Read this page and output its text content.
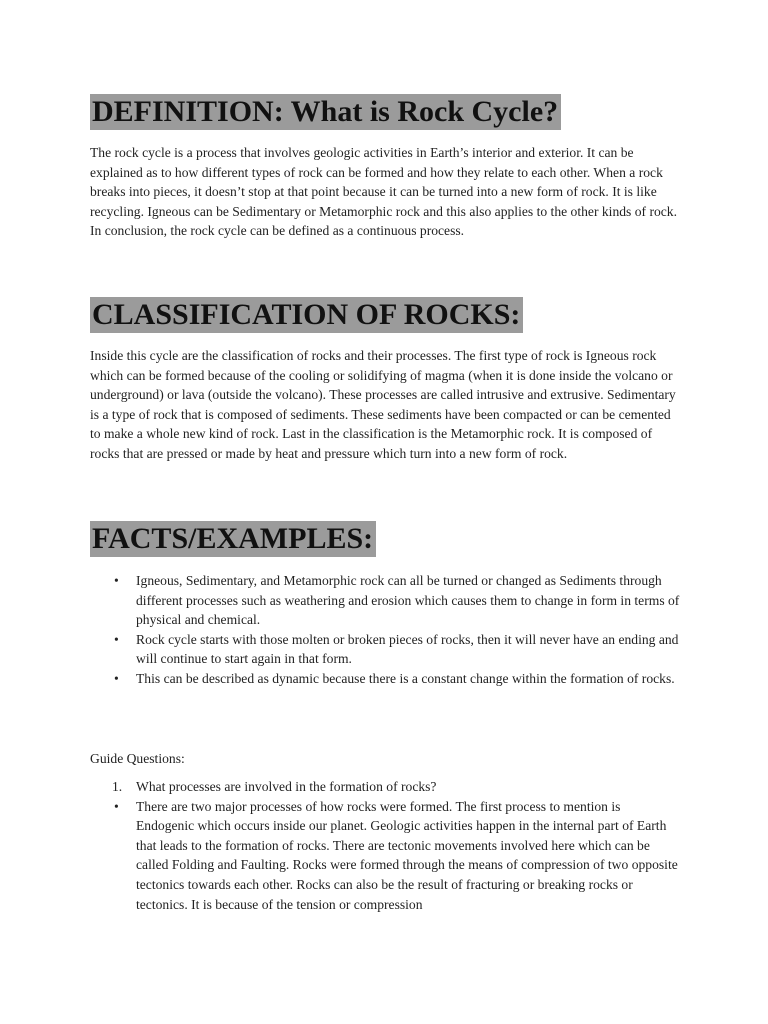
DEFINITION: What is Rock Cycle?

The rock cycle is a process that involves geologic activities in Earth’s interior and exterior. It can be explained as to how different types of rock can be formed and how they relate to each other. When a rock breaks into pieces, it doesn’t stop at that point because it can be turned into a new form of rock. It is like recycling. Igneous can be Sedimentary or Metamorphic rock and this also applies to the other kinds of rock. In conclusion, the rock cycle can be defined as a continuous process.

CLASSIFICATION OF ROCKS:

Inside this cycle are the classification of rocks and their processes. The first type of rock is Igneous rock which can be formed because of the cooling or solidifying of magma (when it is done inside the volcano or underground) or lava (outside the volcano). These processes are called intrusive and extrusive. Sedimentary is a type of rock that is composed of sediments. These sediments have been compacted or can be cemented to make a whole new kind of rock. Last in the classification is the Metamorphic rock. It is composed of rocks that are pressed or made by heat and pressure which turn into a new form of rock.

FACTS/EXAMPLES:
• Igneous, Sedimentary, and Metamorphic rock can all be turned or changed as Sediments through different processes such as weathering and erosion which causes them to change in form in terms of physical and chemical.
• Rock cycle starts with those molten or broken pieces of rocks, then it will never have an ending and will continue to start again in that form.
• This can be described as dynamic because there is a constant change within the formation of rocks.

Guide Questions:

1. What processes are involved in the formation of rocks?
• There are two major processes of how rocks were formed. The first process to mention is Endogenic which occurs inside our planet. Geologic activities happen in the internal part of Earth that leads to the formation of rocks. There are tectonic movements involved here which can be called Folding and Faulting. Rocks were formed through the means of compression of two opposite tectonics towards each other. Rocks can also be the result of fracturing or breaking rocks or tectonics. It is because of the tension or compression
